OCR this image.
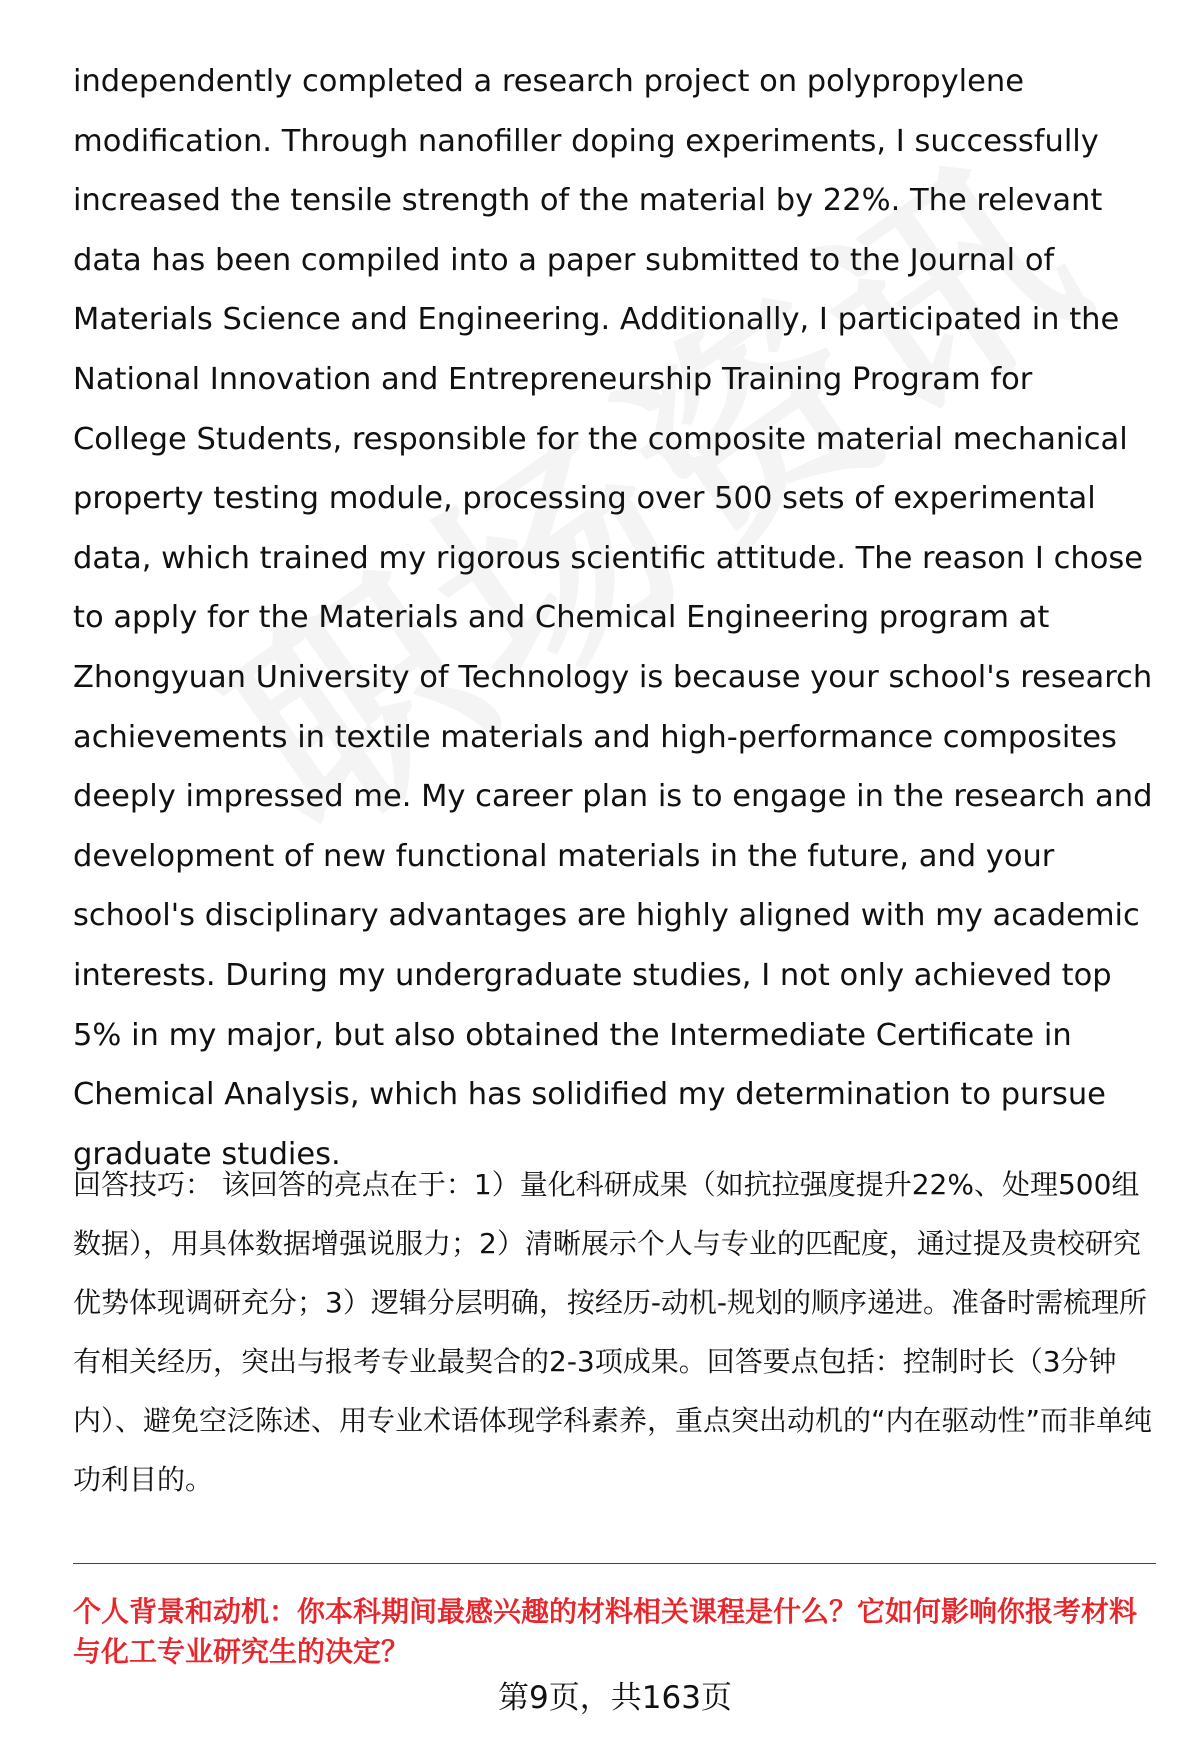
independently completed a research project on polypropylene modification. Through nanofiller doping experiments, I successfully increased the tensile strength of the material by 22%. The relevant data has been compiled into a paper submitted to the Journal of Materials Science and Engineering. Additionally, I participated in the National Innovation and Entrepreneurship Training Program for College Students, responsible for the composite material mechanical property testing module, processing over 500 sets of experimental data, which trained my rigorous scientific attitude. The reason I chose to apply for the Materials and Chemical Engineering program at Zhongyuan University of Technology is because your school's research achievements in textile materials and high-performance composites deeply impressed me. My career plan is to engage in the research and development of new functional materials in the future, and your school's disciplinary advantages are highly aligned with my academic interests. During my undergraduate studies, I not only achieved top 5% in my major, but also obtained the Intermediate Certificate in Chemical Analysis, which has solidified my determination to pursue graduate studies.

回答技巧： 该回答的亮点在于：1）量化科研成果（如抗拉强度提升22%、处理500组数据），用具体数据增强说服力；2）清晰展示个人与专业的匹配度，通过提及贵校研究优势体现调研充分；3）逻辑分层明确，按经历-动机-规划的顺序递进。准备时需梳理所有相关经历，突出与报考专业最契合的2-3项成果。回答要点包括：控制时长（3分钟内）、避免空泛陈述、用专业术语体现学科素养，重点突出动机的“内在驱动性”而非单纯功利目的。

个人背景和动机：你本科期间最感兴趣的材料相关课程是什么？它如何影响你报考材料与化工专业研究生的决定？

第9页，共163页
